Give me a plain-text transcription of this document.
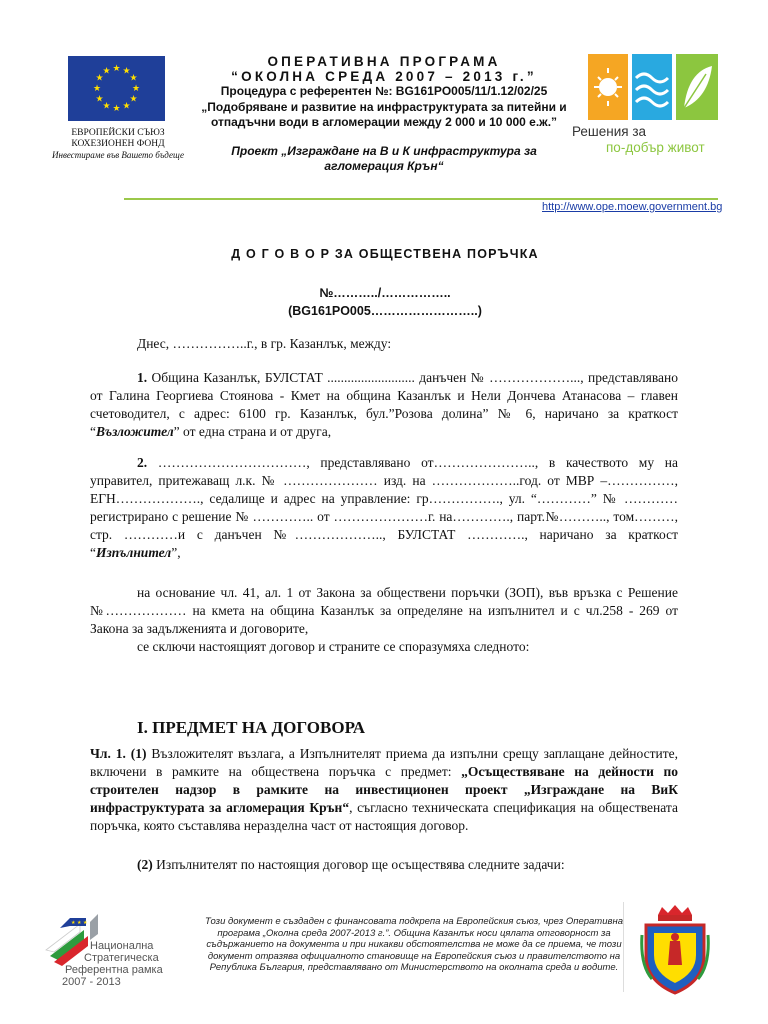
★ ★
★
★
★
★
★
★
★
★
★
★
ЕВРОПЕЙСКИ СЪЮЗ
КОХЕЗИОНЕН ФОНД
Инвестираме във Вашето бъдеще
ОПЕРАТИВНА ПРОГРАМА
“ОКОЛНА СРЕДА 2007 – 2013 г.”
Процедура с референтен №: BG161PO005/11/1.12/02/25
„Подобряване и развитие на инфраструктурата за питейни и отпадъчни води в агломерации между 2 000 и 10 000 е.ж.”
Проект „Изграждане на В и К инфраструктура за агломерация Крън“
Решения за
по-добър живот
http://www.ope.moew.government.bg
Д О Г О В О Р ЗА ОБЩЕСТВЕНА ПОРЪЧКА
№………../……………..
(BG161PO005……………………..)
Днес, ……………..г., в гр. Казанлък, между:
1. Община Казанлък, БУЛСТАТ .......................... данъчен № ………………..., представлявано от Галина Георгиева Стоянова - Кмет на община Казанлък и Нели Дончева Атанасова – главен счетоводител, с адрес: 6100 гр. Казанлък, бул.”Розова долина” № 6, наричано за краткост “Възложител” от една страна и от друга,
2. ……………………………, представлявано от………………….., в качеството му на управител, притежаващ л.к. № ………………… изд. на ………………..год. от МВР –……………, ЕГН………………., седалище и адрес на управление: гр……………., ул. “…………” № ………… регистрирано с решение № ………….. от …………………г. на…………., парт.№……….., том………, стр. …………и с данъчен №……………….., БУЛСТАТ …………., наричано за краткост “Изпълнител”,
на основание чл. 41, ал. 1 от Закона за обществени поръчки (ЗОП), във връзка с Решение №……………… на кмета на община Казанлък за определяне на изпълнител и с чл.258 - 269 от Закона за задълженията и договорите,
се сключи настоящият договор и страните се споразумяха следното:
I. ПРЕДМЕТ НА ДОГОВОРА
Чл. 1. (1) Възложителят възлага, а Изпълнителят приема да изпълни срещу заплащане дейностите, включени в рамките на обществена поръчка с предмет: „Осъществяване на дейности по строителен надзор в рамките на инвестиционен проект „Изграждане на ВиК инфраструктурата за агломерация Крън“, съгласно техническата спецификация на обществената поръчка, която съставлява неразделна част от настоящия договор.
(2) Изпълнителят по настоящия договор ще осъществява следните задачи:
★ ★ ★
Национална
Стратегическа
Референтна рамка
2007 - 2013
Този документ е създаден с финансовата подкрепа на Европейския съюз, чрез Оперативна програма „Околна среда 2007-2013 г.”. Община Казанлък носи цялата отговорност за съдържанието на документа и при никакви обстоятелства не може да се приема, че този документ отразява официалното становище на Европейския съюз и правителството на Република България, представлявано от Министерството на околната среда и водите.
